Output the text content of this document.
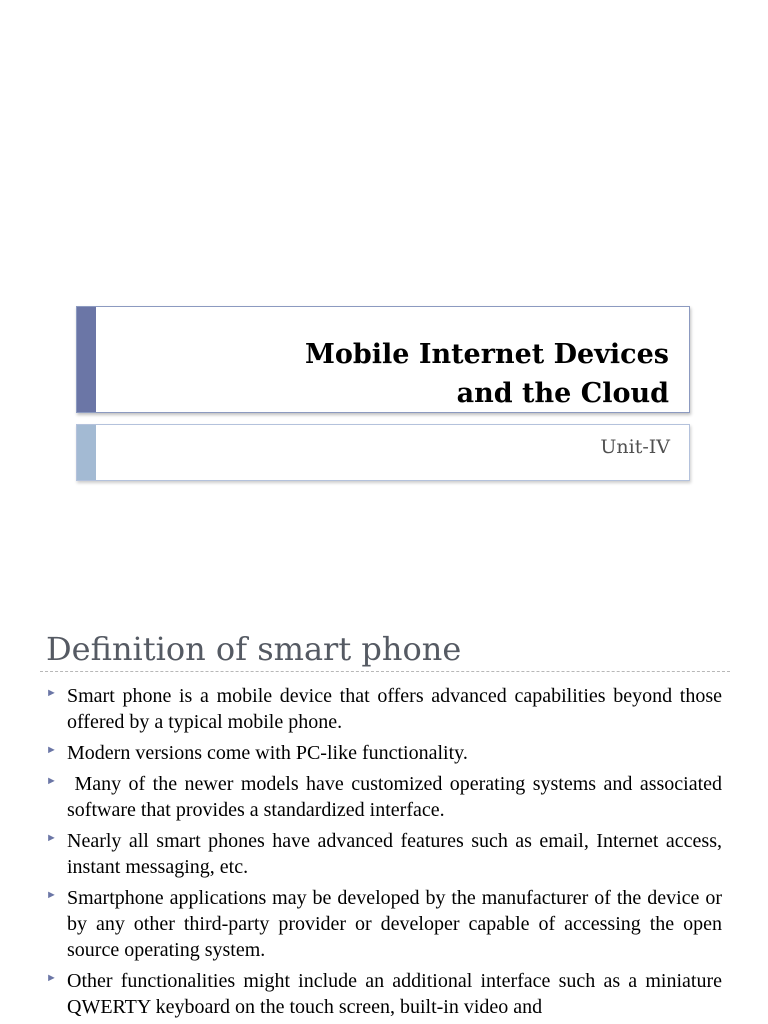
Mobile Internet Devices
and the Cloud
Unit-IV
Definition of smart phone
► Smart phone is a mobile device that offers advanced capabilities beyond those offered by a typical mobile phone.
► Modern versions come with PC-like functionality.
► Many of the newer models have customized operating systems and associated software that provides a standardized interface.
► Nearly all smart phones have advanced features such as email, Internet access, instant messaging, etc.
► Smartphone applications may be developed by the manufacturer of the device or by any other third-party provider or developer capable of accessing the open source operating system.
► Other functionalities might include an additional interface such as a miniature QWERTY keyboard on the touch screen, built-in video and
